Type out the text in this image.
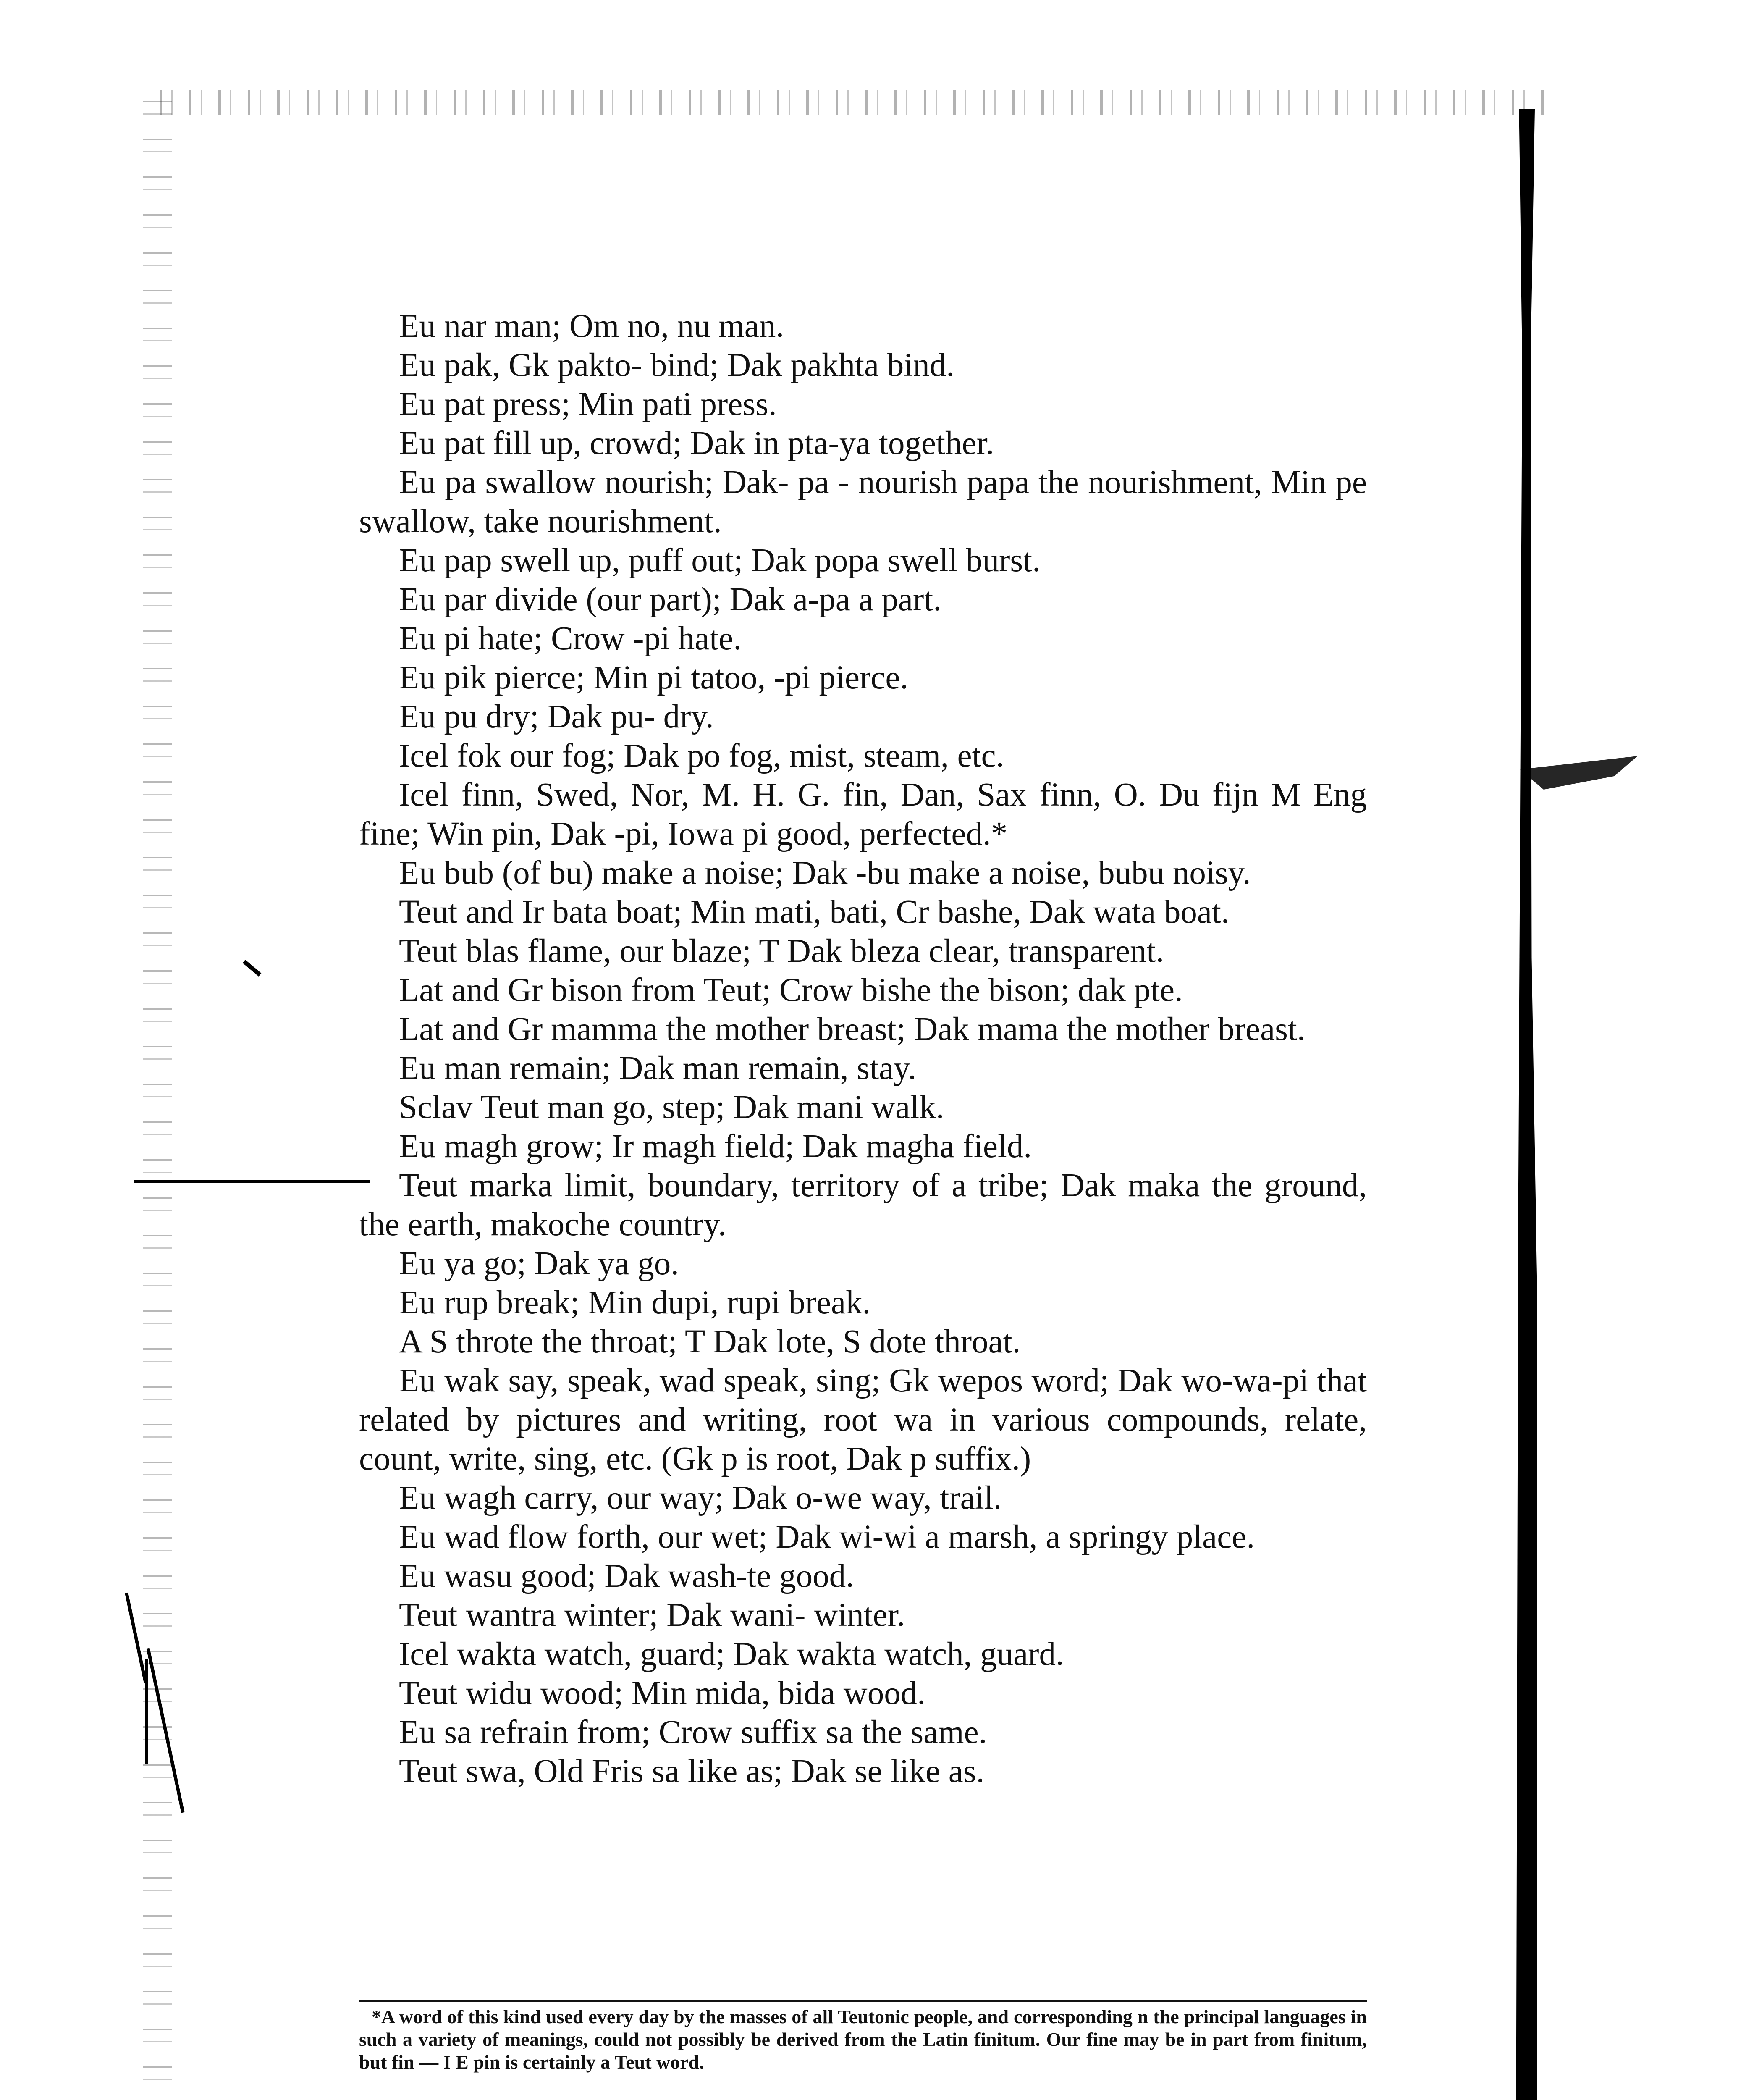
Eu nar man; Om no, nu man.

Eu pak, Gk pakto- bind; Dak pakhta bind.

Eu pat press; Min pati press.

Eu pat fill up, crowd; Dak in pta-ya together.

Eu pa swallow nourish; Dak- pa - nourish papa the nourishment, Min pe swallow, take nourishment.

Eu pap swell up, puff out; Dak popa swell burst.

Eu par divide (our part); Dak a-pa a part.

Eu pi hate; Crow -pi hate.

Eu pik pierce; Min pi tatoo, -pi pierce.

Eu pu dry; Dak pu- dry.

Icel fok our fog; Dak po fog, mist, steam, etc.

Icel finn, Swed, Nor, M. H. G. fin, Dan, Sax finn, O. Du fijn M Eng fine; Win pin, Dak -pi, Iowa pi good, perfected.*

Eu bub (of bu) make a noise; Dak -bu make a noise, bubu noisy.

Teut and Ir bata boat; Min mati, bati, Cr bashe, Dak wata boat.

Teut blas flame, our blaze; T Dak bleza clear, transparent.

Lat and Gr bison from Teut; Crow bishe the bison; dak pte.

Lat and Gr mamma the mother breast; Dak mama the mother breast.

Eu man remain; Dak man remain, stay.

Sclav Teut man go, step; Dak mani walk.

Eu magh grow; Ir magh field; Dak magha field.

Teut marka limit, boundary, territory of a tribe; Dak maka the ground, the earth, makoche country.

Eu ya go; Dak ya go.

Eu rup break; Min dupi, rupi break.

A S throte the throat; T Dak lote, S dote throat.

Eu wak say, speak, wad speak, sing; Gk wepos word; Dak wo-wa-pi that related by pictures and writing, root wa in various compounds, relate, count, write, sing, etc. (Gk p is root, Dak p suffix.)

Eu wagh carry, our way; Dak o-we way, trail.

Eu wad flow forth, our wet; Dak wi-wi a marsh, a springy place.

Eu wasu good; Dak wash-te good.

Teut wantra winter; Dak wani- winter.

Icel wakta watch, guard; Dak wakta watch, guard.

Teut widu wood; Min mida, bida wood.

Eu sa refrain from; Crow suffix sa the same.

Teut swa, Old Fris sa like as; Dak se like as.

*A word of this kind used every day by the masses of all Teutonic people, and corresponding n the principal languages in such a variety of meanings, could not possibly be derived from the Latin finitum. Our fine may be in part from finitum, but fin — I E pin is certainly a Teut word.
